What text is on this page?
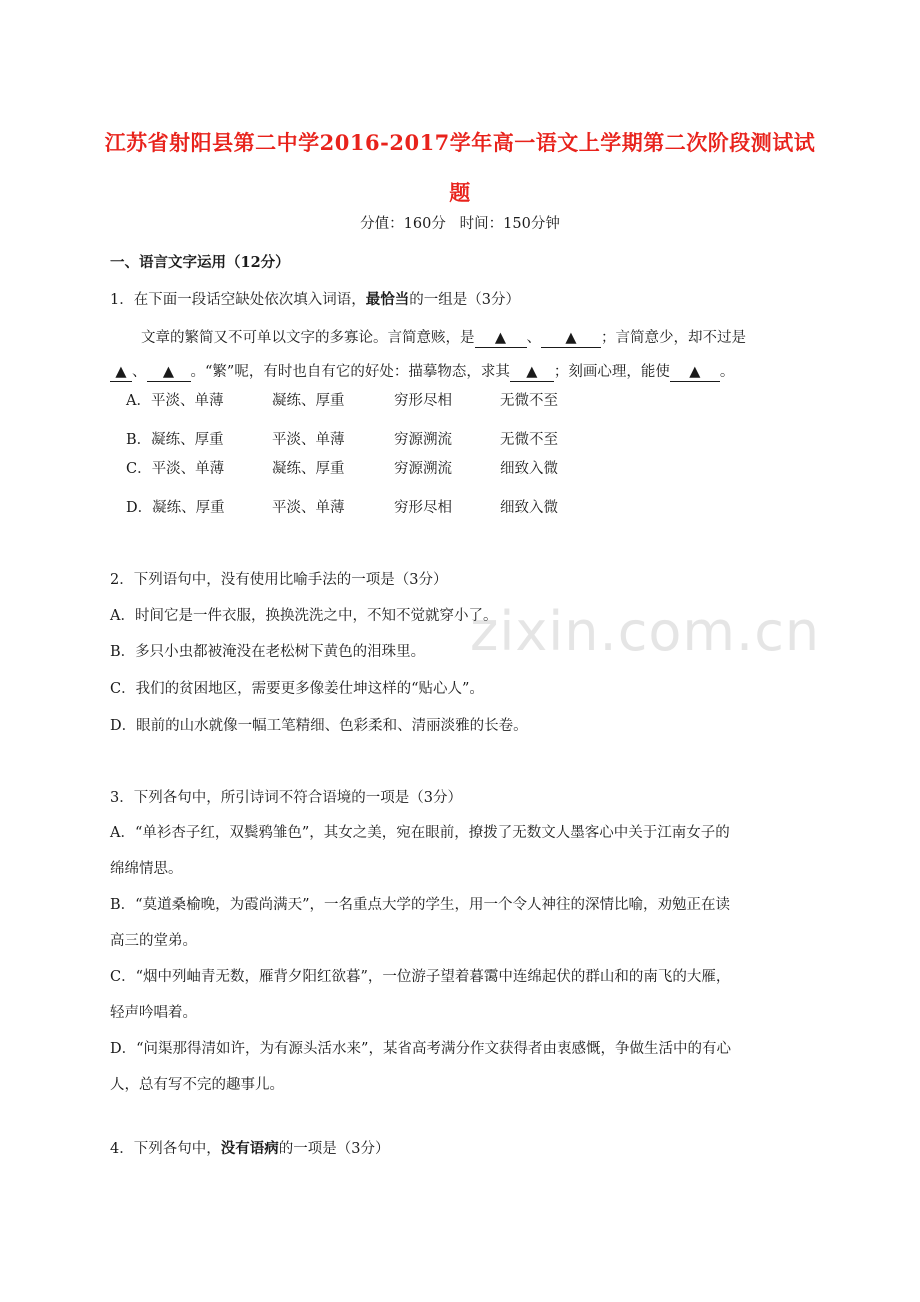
江苏省射阳县第二中学2016-2017学年高一语文上学期第二次阶段测试试
题
分值：160分   时间：150分钟
zixin.com.cn
一、语言文字运用（12分）
1．在下面一段话空缺处依次填入词语，最恰当的一组是（3分）
文章的繁简又不可单以文字的多寡论。言简意赅，是 ▲ 、 ▲ ；言简意少，却不过是
▲ 、 ▲ 。“繁”呢，有时也自有它的好处：描摹物态，求其 ▲ ；刻画心理，能使 ▲ 。
A．平淡、单薄	凝练、厚重	穷形尽相	无微不至
B．凝练、厚重	平淡、单薄	穷源溯流	无微不至
C．平淡、单薄	凝练、厚重	穷源溯流	细致入微
D．凝练、厚重	平淡、单薄	穷形尽相	细致入微
2．下列语句中，没有使用比喻手法的一项是（3分）
A．时间它是一件衣服，换换洗洗之中，不知不觉就穿小了。
B．多只小虫都被淹没在老松树下黄色的泪珠里。
C．我们的贫困地区，需要更多像姜仕坤这样的“贴心人”。
D．眼前的山水就像一幅工笔精细、色彩柔和、清丽淡雅的长卷。
3．下列各句中，所引诗词不符合语境的一项是（3分）
A．“单衫杏子红，双鬓鸦雏色”，其女之美，宛在眼前，撩拨了无数文人墨客心中关于江南女子的
绵绵情思。
B．“莫道桑榆晚，为霞尚满天”，一名重点大学的学生，用一个令人神往的深情比喻，劝勉正在读
高三的堂弟。
C．“烟中列岫青无数，雁背夕阳红欲暮”，一位游子望着暮霭中连绵起伏的群山和的南飞的大雁，
轻声吟唱着。
D．“问渠那得清如许，为有源头活水来”，某省高考满分作文获得者由衷感慨，争做生活中的有心
人，总有写不完的趣事儿。
4．下列各句中，没有语病的一项是（3分）
